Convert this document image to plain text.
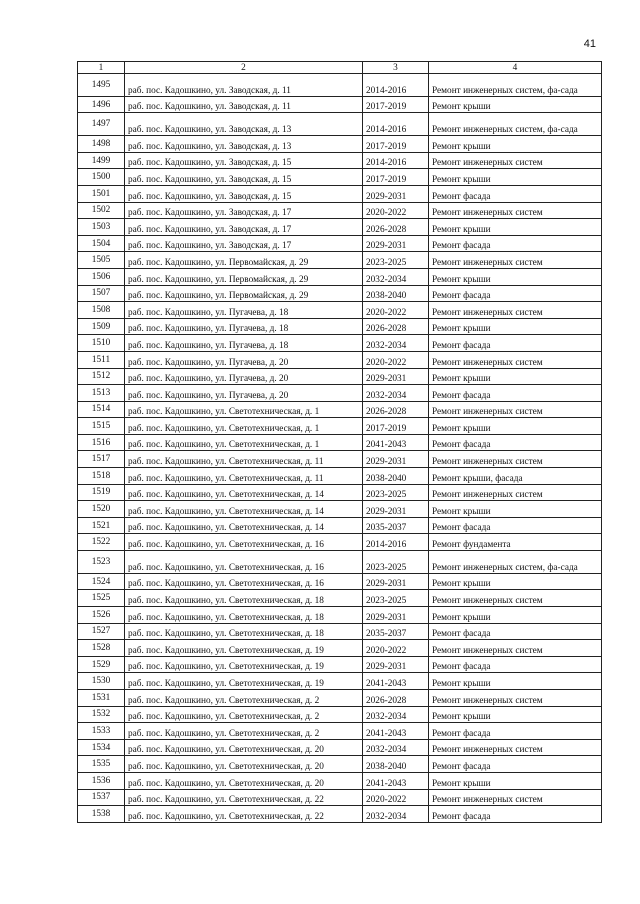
41
1	2	3	4
1495	раб. пос. Кадошкино, ул. Заводская, д. 11	2014-2016	Ремонт инженерных систем, фа-сада
1496	раб. пос. Кадошкино, ул. Заводская, д. 11	2017-2019	Ремонт крыши
1497	раб. пос. Кадошкино, ул. Заводская, д. 13	2014-2016	Ремонт инженерных систем, фа-сада
1498	раб. пос. Кадошкино, ул. Заводская, д. 13	2017-2019	Ремонт крыши
1499	раб. пос. Кадошкино, ул. Заводская, д. 15	2014-2016	Ремонт инженерных систем
1500	раб. пос. Кадошкино, ул. Заводская, д. 15	2017-2019	Ремонт крыши
1501	раб. пос. Кадошкино, ул. Заводская, д. 15	2029-2031	Ремонт фасада
1502	раб. пос. Кадошкино, ул. Заводская, д. 17	2020-2022	Ремонт инженерных систем
1503	раб. пос. Кадошкино, ул. Заводская, д. 17	2026-2028	Ремонт крыши
1504	раб. пос. Кадошкино, ул. Заводская, д. 17	2029-2031	Ремонт фасада
1505	раб. пос. Кадошкино, ул. Первомайская, д. 29	2023-2025	Ремонт инженерных систем
1506	раб. пос. Кадошкино, ул. Первомайская, д. 29	2032-2034	Ремонт крыши
1507	раб. пос. Кадошкино, ул. Первомайская, д. 29	2038-2040	Ремонт фасада
1508	раб. пос. Кадошкино, ул. Пугачева, д. 18	2020-2022	Ремонт инженерных систем
1509	раб. пос. Кадошкино, ул. Пугачева, д. 18	2026-2028	Ремонт крыши
1510	раб. пос. Кадошкино, ул. Пугачева, д. 18	2032-2034	Ремонт фасада
1511	раб. пос. Кадошкино, ул. Пугачева, д. 20	2020-2022	Ремонт инженерных систем
1512	раб. пос. Кадошкино, ул. Пугачева, д. 20	2029-2031	Ремонт крыши
1513	раб. пос. Кадошкино, ул. Пугачева, д. 20	2032-2034	Ремонт фасада
1514	раб. пос. Кадошкино, ул. Светотехническая, д. 1	2026-2028	Ремонт инженерных систем
1515	раб. пос. Кадошкино, ул. Светотехническая, д. 1	2017-2019	Ремонт крыши
1516	раб. пос. Кадошкино, ул. Светотехническая, д. 1	2041-2043	Ремонт фасада
1517	раб. пос. Кадошкино, ул. Светотехническая, д. 11	2029-2031	Ремонт инженерных систем
1518	раб. пос. Кадошкино, ул. Светотехническая, д. 11	2038-2040	Ремонт крыши, фасада
1519	раб. пос. Кадошкино, ул. Светотехническая, д. 14	2023-2025	Ремонт инженерных систем
1520	раб. пос. Кадошкино, ул. Светотехническая, д. 14	2029-2031	Ремонт крыши
1521	раб. пос. Кадошкино, ул. Светотехническая, д. 14	2035-2037	Ремонт фасада
1522	раб. пос. Кадошкино, ул. Светотехническая, д. 16	2014-2016	Ремонт фундамента
1523	раб. пос. Кадошкино, ул. Светотехническая, д. 16	2023-2025	Ремонт инженерных систем, фа-сада
1524	раб. пос. Кадошкино, ул. Светотехническая, д. 16	2029-2031	Ремонт крыши
1525	раб. пос. Кадошкино, ул. Светотехническая, д. 18	2023-2025	Ремонт инженерных систем
1526	раб. пос. Кадошкино, ул. Светотехническая, д. 18	2029-2031	Ремонт крыши
1527	раб. пос. Кадошкино, ул. Светотехническая, д. 18	2035-2037	Ремонт фасада
1528	раб. пос. Кадошкино, ул. Светотехническая, д. 19	2020-2022	Ремонт инженерных систем
1529	раб. пос. Кадошкино, ул. Светотехническая, д. 19	2029-2031	Ремонт фасада
1530	раб. пос. Кадошкино, ул. Светотехническая, д. 19	2041-2043	Ремонт крыши
1531	раб. пос. Кадошкино, ул. Светотехническая, д. 2	2026-2028	Ремонт инженерных систем
1532	раб. пос. Кадошкино, ул. Светотехническая, д. 2	2032-2034	Ремонт крыши
1533	раб. пос. Кадошкино, ул. Светотехническая, д. 2	2041-2043	Ремонт фасада
1534	раб. пос. Кадошкино, ул. Светотехническая, д. 20	2032-2034	Ремонт инженерных систем
1535	раб. пос. Кадошкино, ул. Светотехническая, д. 20	2038-2040	Ремонт фасада
1536	раб. пос. Кадошкино, ул. Светотехническая, д. 20	2041-2043	Ремонт крыши
1537	раб. пос. Кадошкино, ул. Светотехническая, д. 22	2020-2022	Ремонт инженерных систем
1538	раб. пос. Кадошкино, ул. Светотехническая, д. 22	2032-2034	Ремонт фасада
